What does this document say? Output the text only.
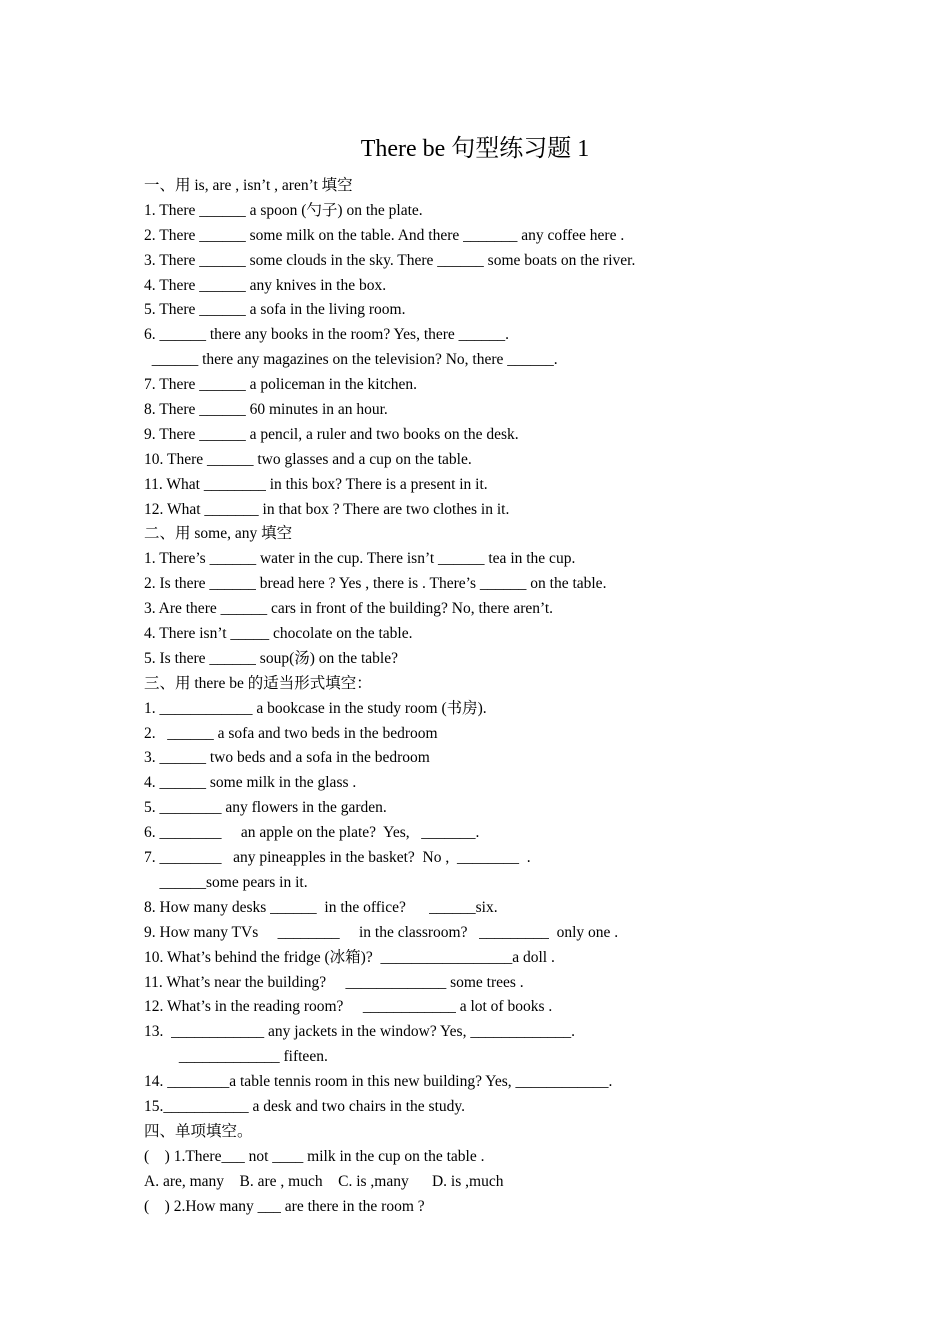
There be 句型练习题 1
一、用 is, are , isn’t , aren’t 填空
1. There ______ a spoon (勺子) on the plate.
2. There ______ some milk on the table. And there _______ any coffee here .
3. There ______ some clouds in the sky. There ______ some boats on the river.
4. There ______ any knives in the box.
5. There ______ a sofa in the living room.
6. ______ there any books in the room? Yes, there ______.
______ there any magazines on the television? No, there ______.
7. There ______ a policeman in the kitchen.
8. There ______ 60 minutes in an hour.
9. There ______ a pencil, a ruler and two books on the desk.
10. There ______ two glasses and a cup on the table.
11. What ________ in this box? There is a present in it.
12. What _______ in that box ? There are two clothes in it.
二、用 some, any 填空
1. There’s ______ water in the cup. There isn’t ______ tea in the cup.
2. Is there ______ bread here ? Yes , there is . There’s ______ on the table.
3. Are there ______ cars in front of the building? No, there aren’t.
4. There isn’t _____ chocolate on the table.
5. Is there ______ soup(汤) on the table?
三、用 there be 的适当形式填空：
1. ____________ a bookcase in the study room (书房).
2.   ______ a sofa and two beds in the bedroom
3. ______ two beds and a sofa in the bedroom
4. ______ some milk in the glass .
5. ________ any flowers in the garden.
6. ________     an apple on the plate?  Yes,   _______.
7. ________   any pineapples in the basket?  No ,  ________  .
______some pears in it.
8. How many desks ______  in the office?      ______six.
9. How many TVs     ________     in the classroom?   _________  only one .
10. What’s behind the fridge (冰箱)?  _________________a doll .
11. What’s near the building?     _____________ some trees .
12. What’s in the reading room?     ____________ a lot of books .
13.  ____________ any jackets in the window? Yes, _____________.
_____________ fifteen.
14. ________a table tennis room in this new building? Yes, ____________.
15.___________ a desk and two chairs in the study.
四、单项填空。
(    ) 1.There___ not ____ milk in the cup on the table .
A. are, many    B. are , much    C. is ,many      D. is ,much
(    ) 2.How many ___ are there in the room ?
